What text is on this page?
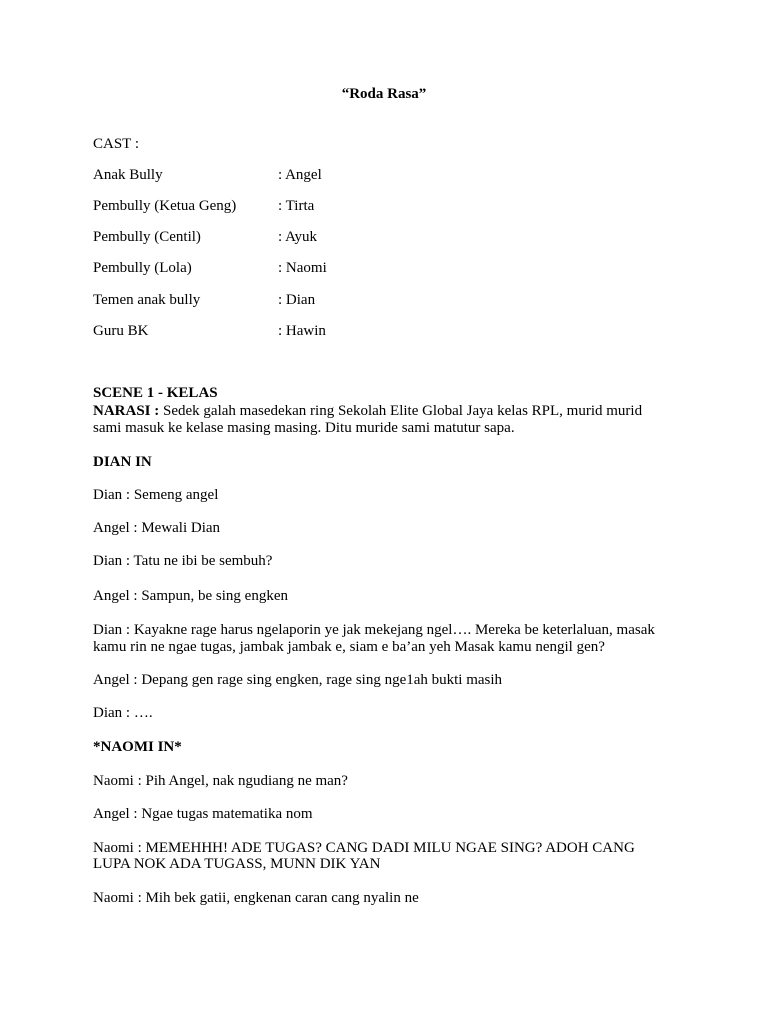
“Roda Rasa”
CAST :
Anak Bully	: Angel
Pembully (Ketua Geng)	: Tirta
Pembully (Centil)	: Ayuk
Pembully (Lola)	: Naomi
Temen anak bully	: Dian
Guru BK	: Hawin
SCENE 1 - KELAS
NARASI : Sedek galah masedekan ring Sekolah Elite Global Jaya kelas RPL, murid murid
sami masuk ke kelase masing masing. Ditu muride sami matutur sapa.
DIAN IN
Dian : Semeng angel
Angel : Mewali Dian
Dian : Tatu ne ibi be sembuh?
Angel : Sampun, be sing engken
Dian : Kayakne rage harus ngelaporin ye jak mekejang ngel…. Mereka be keterlaluan, masak
kamu rin ne ngae tugas, jambak jambak e, siam e ba’an yeh Masak kamu nengil gen?
Angel : Depang gen rage sing engken, rage sing nge1ah bukti masih
Dian : ….
*NAOMI IN*
Naomi : Pih Angel, nak ngudiang ne man?
Angel : Ngae tugas matematika nom
Naomi : MEMEHHH! ADE TUGAS? CANG DADI MILU NGAE SING? ADOH CANG
LUPA NOK ADA TUGASS, MUNN DIK YAN
Naomi : Mih bek gatii, engkenan caran cang nyalin ne
